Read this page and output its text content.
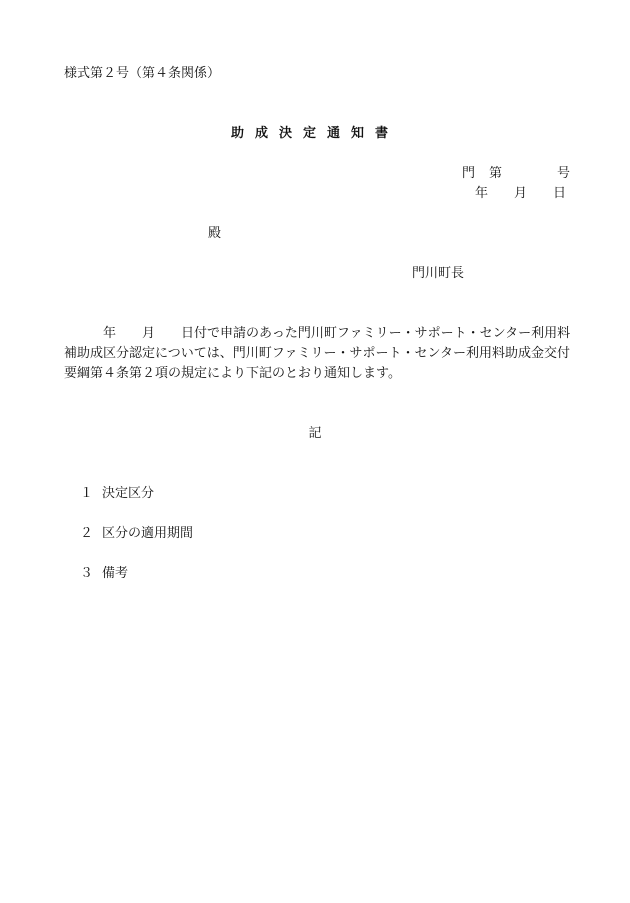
様式第２号（第４条関係）
助成決定通知書
門 第	号
年 月 日
殿
門川町長

年　　月　　日付で申請のあった門川町ファミリー・サポート・センター利用料

補助成区分認定については、門川町ファミリー・サポート・センター利用料助成金交付

要綱第４条第２項の規定により下記のとおり通知します。

記
１ 決定区分
２ 区分の適用期間
３ 備考
